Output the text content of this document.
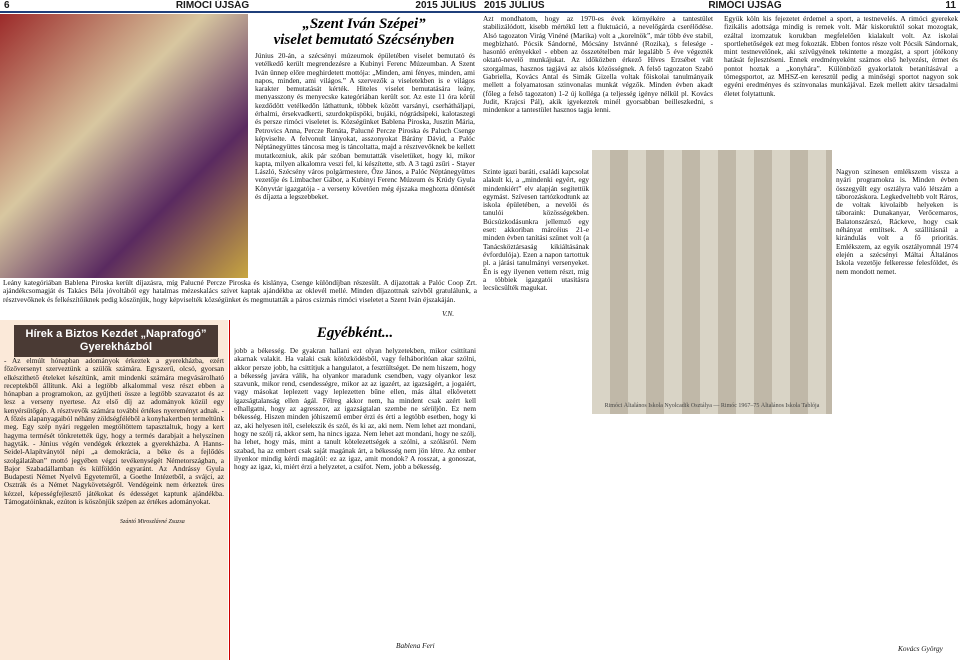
6	RIMÓCI ÚJSÁG	2015 JÚLIUS
„Szent Iván Szépei”
viselet bemutató Szécsényben
Június 20-án, a szécsényi múzeumok épületében viselet bemutató és vetélkedő került megrendezésre a Kubinyi Ferenc Múzeumban. A Szent Iván ünnep előre meghirdetett mottója: „Minden, ami fényes, minden, ami napos, minden, ami világos.” A szervezők a viseletekben is e világos karakter bemutatását kérték. Hiteles viselet bemutatására leány, menyasszony és menyecske kategóriában került sor. Az este 11 óra körül kezdődött vetélkedőn láthattunk, többek között varsányi, cserhátháljapi, érhalmi, érsekvadkerti, szurdokpüspöki, bujáki, nógrádsipeki, kalotaszegi és persze rimóci viseletet is. Községünket Bablena Piroska, Jusztin Mária, Petrovics Anna, Percze Renáta, Palucné Percze Piroska és Paluch Csenge képviselte. A felvonult lányokat, asszonyokat Bárány Dávid, a Palóc Néptánegyüttes táncosa meg is táncoltatta, majd a résztvevőknek be kellett mutatkozniuk, akik pár szóban bemutatták viseletüket, hogy ki, mikor kapta, milyen alkalomra veszi fel, ki készítette, stb. A 3 tagú zsűri - Stayer László, Szécsény város polgármestere, Őze János, a Palóc Néptánegyüttes vezetője és Limbacher Gábor, a Kubinyi Ferenc Múzeum és Krúdy Gyula Könyvtár igazgatója - a verseny követően még éjszaka meghozta döntését és díjazta a legszebbeket.
Leány kategóriában Bablena Piroska került díjazásra, míg Palucné Percze Piroska és kislánya, Csenge különdíjban részesült. A díjazottak a Palóc Coop Zrt. ajándékcsomagját és Takács Béla jóvoltából egy hatalmas mézeskalács szívet kaptak ajándékba az oklevél mellé. Minden díjazottnak szívből gratulálunk, a résztvevőknek és felkészítőiknek pedig köszönjük, hogy képviselték községünket és megmutatták a páros csizmás rimóci viseletet a Szent Iván éjszakáján.
V.N.
Hírek a Biztos Kezdet „Naprafogó” Gyerekházból
- Az elmúlt hónapban adományok érkeztek a gyerekházba, ezért főzőversenyt szerveztünk a szülők számára. Egyszerű, olcsó, gyorsan elkészíthető ételeket készítünk, amit mindenki számára megvásárolható receptekből állítunk. Aki a legtöbb alkalommal vesz részt ebben a hónapban a programokon, az gyűjtheti össze a legtöbb szavazatot és az lesz a verseny nyertese. Az első díj az adományok közül egy kenyérsütőgép. A résztvevők számára további értékes nyereményt adnak. - A főzés alapanyagaiból néhány zöldségféléből a konyhakertben termeltünk meg. Egy szép nyári reggelen megtöltöttem tapasztaltuk, hogy a kert hagyma termését tönkretették ügy, hogy a termés darabjait a helyszínen hagyták. - Június végén vendégek érkeztek a gyerekházba. A Hanns-Seidel-Alapítványtól népi „a demokrácia, a béke és a fejlődés szolgálatában” mottó jegyében végzi tevékenységét Németországban, a Bajor Szabadállamban és külföldön egyaránt. Az Andrássy Gyula Budapesti Német Nyelvű Egyetemről, a Goethe Intézetből, a svájci, az Osztrák és a Német Nagykövetségről. Vendégeink nem érkeztek üres kézzel, képességfejlesztő játékokat és édességet kaptunk ajándékba. Támogatóinknak, ezúton is köszönjük szépen az értékes adományokat.
Szántó Miroszlávné Zsuzsa
Egyébként...
jobb a békesség. De gyakran hallani ezt olyan helyzetekben, mikor csittítani akarnak valakit. Ha valaki csak kötözködésből, vagy felháborítóan akar szólni, akkor persze jobb, ha csittítjuk a hangulatot, a fesztültséget. De nem hiszem, hogy a békesség javára válik, ha olyankor maradunk csendben, vagy olyankor lesz szavunk, mikor rend, csendességre, mikor az az igazért, az igazságért, a jogaiért, vagy másokat leplezett vagy leplezetten bűne ellen, más által elkövetett igazságtalanság ellen ágál. Félreg akkor nem, ha mindent csak azért kell elhallgatni, hogy az agresszor, az igazságtalan szembe ne sérüljön. Ez nem békesség. Hiszen minden jóhiszemű ember érzi és érti a legtöbb esetben, hogy ki az, aki helyesen itél, cselekszik és szól, és ki az, aki nem. Nem lehet azt mondani, hogy ne szólj rá, akkor sem, ha nincs igaza. Nem lehet azt mondani, hogy ne szólj, ha lehet, hogy más, mint a tanult kötelezettségek a szólni, a szólásról. Nem szabad, ha az embert csak saját magának árt, a békesség nem jön létre. Az ember ilyenkor mindig kérdi magától: ez az igaz, amit mondok? A rosszat, a gonoszat, hogy az igaz, ki, miért érzi a helyzetet, a csúfot. Nem, jobb a békesség.
Bablena Feri
2015 JÚLIUS	RIMÓCI ÚJSÁG	11
Azt mondhatom, hogy az 1970-es évek környékére a tantestület stabilizálódott, kisebb mértékű lett a fluktuáció, a nevelőgárda cserélődése. Alsó tagozaton Virág Vinéné (Marika) volt a „korelnök”, már több éve stabil, megbízható. Pócsik Sándorné, Mócsány Istvánné (Rozika), s felesége - hasonló erényekkel - ebben az összetételben már legalább 5 éve végezték oktató-nevelő munkájukat. Az időközben érkező Híves Erzsébet vált szorgalmas, hasznos tagjává az alsós közösségnek. A felső tagozaton Szabó Gabriella, Kovács Antal és Simák Gizella voltak főiskolai tanulmányaik mellett a folyamatosan szinvonalas munkát végzők. Minden évben akadt (főleg a felső tagozaton) 1-2 új kolléga (a teljesség igénye nélkül pl. Kovács Judit, Krajcsi Pál), akik igyekeztek minél gyorsabban beilleszkedni, s mindenkor a tantestület hasznos tagja lenni.
Együk köln kis fejezetet érdemel a sport, a testnevelés. A rimóci gyerekek fizikális adottsága mindig is remek volt. Már kiskoruktól sokat mozogtak, ezáltal izomzatuk korukban megfelelően kialakult volt. Az iskolai sportlehetőségek ezt meg fokozták. Ebben fontos része volt Pócsik Sándornak, mint testnevelőnek, aki szívügyének tekintette a mozgást, a sport jótékony hatását fejlesztéseni. Ennek eredményeként számos első helyezést, érmet és pontot hoztak a „konyhára”. Különböző gyakorlatok betanításával a tömegsportot, az MHSZ-en keresztül pedig a minőségi sportot nagyon sok egyéni eredményes és színvonalas munkájával. Ezek mellett akitv társadalmi életet folytattunk.
Rimóci Általános Iskola Nyolcadik Osztálya — Rimóc 1967–75 Általános Iskola Tablója
Szinte igazi baráti, családi kapcsolat alakult ki, a „mindenki egyért, egy mindenkiért” elv alapján segítettük egymást. Szívesen tartózkodtunk az iskola épületében, a nevelői és tanulói közösségekben. Búcsúzkodásunkra jellemző egy eset: akkoriban márcéius 21-e minden évben tanítási szünet volt (a Tanácsköztársaság kikiáltásának évfordulója). Ezen a napon tartottuk pl. a járási tanulmányi versenyeket. Én is egy ilyenen vettem részt, mig a többiek igazgatói utasításra lecsücsülték magukat.
Nagyon színesen emlékszem vissza a nyári programokra is. Minden évben összegyűlt egy osztályra való létszám a táborozáskora. Legkedveltebb volt Ráros, de voltak kivolaibb helyeken is táboraink: Dunakanyar, Verőcemaros, Balatonszárszó, Ráckeve, hogy csak néhányat említsek. A szállításnál a kirándulás volt a fő prioritás. Emlékszem, az egyik osztályomnál 1974 elején a szécsényi Máltai Általános Iskola vezetője felkeresse felesfóldet, és nem mondott nemet.
Kovács György
